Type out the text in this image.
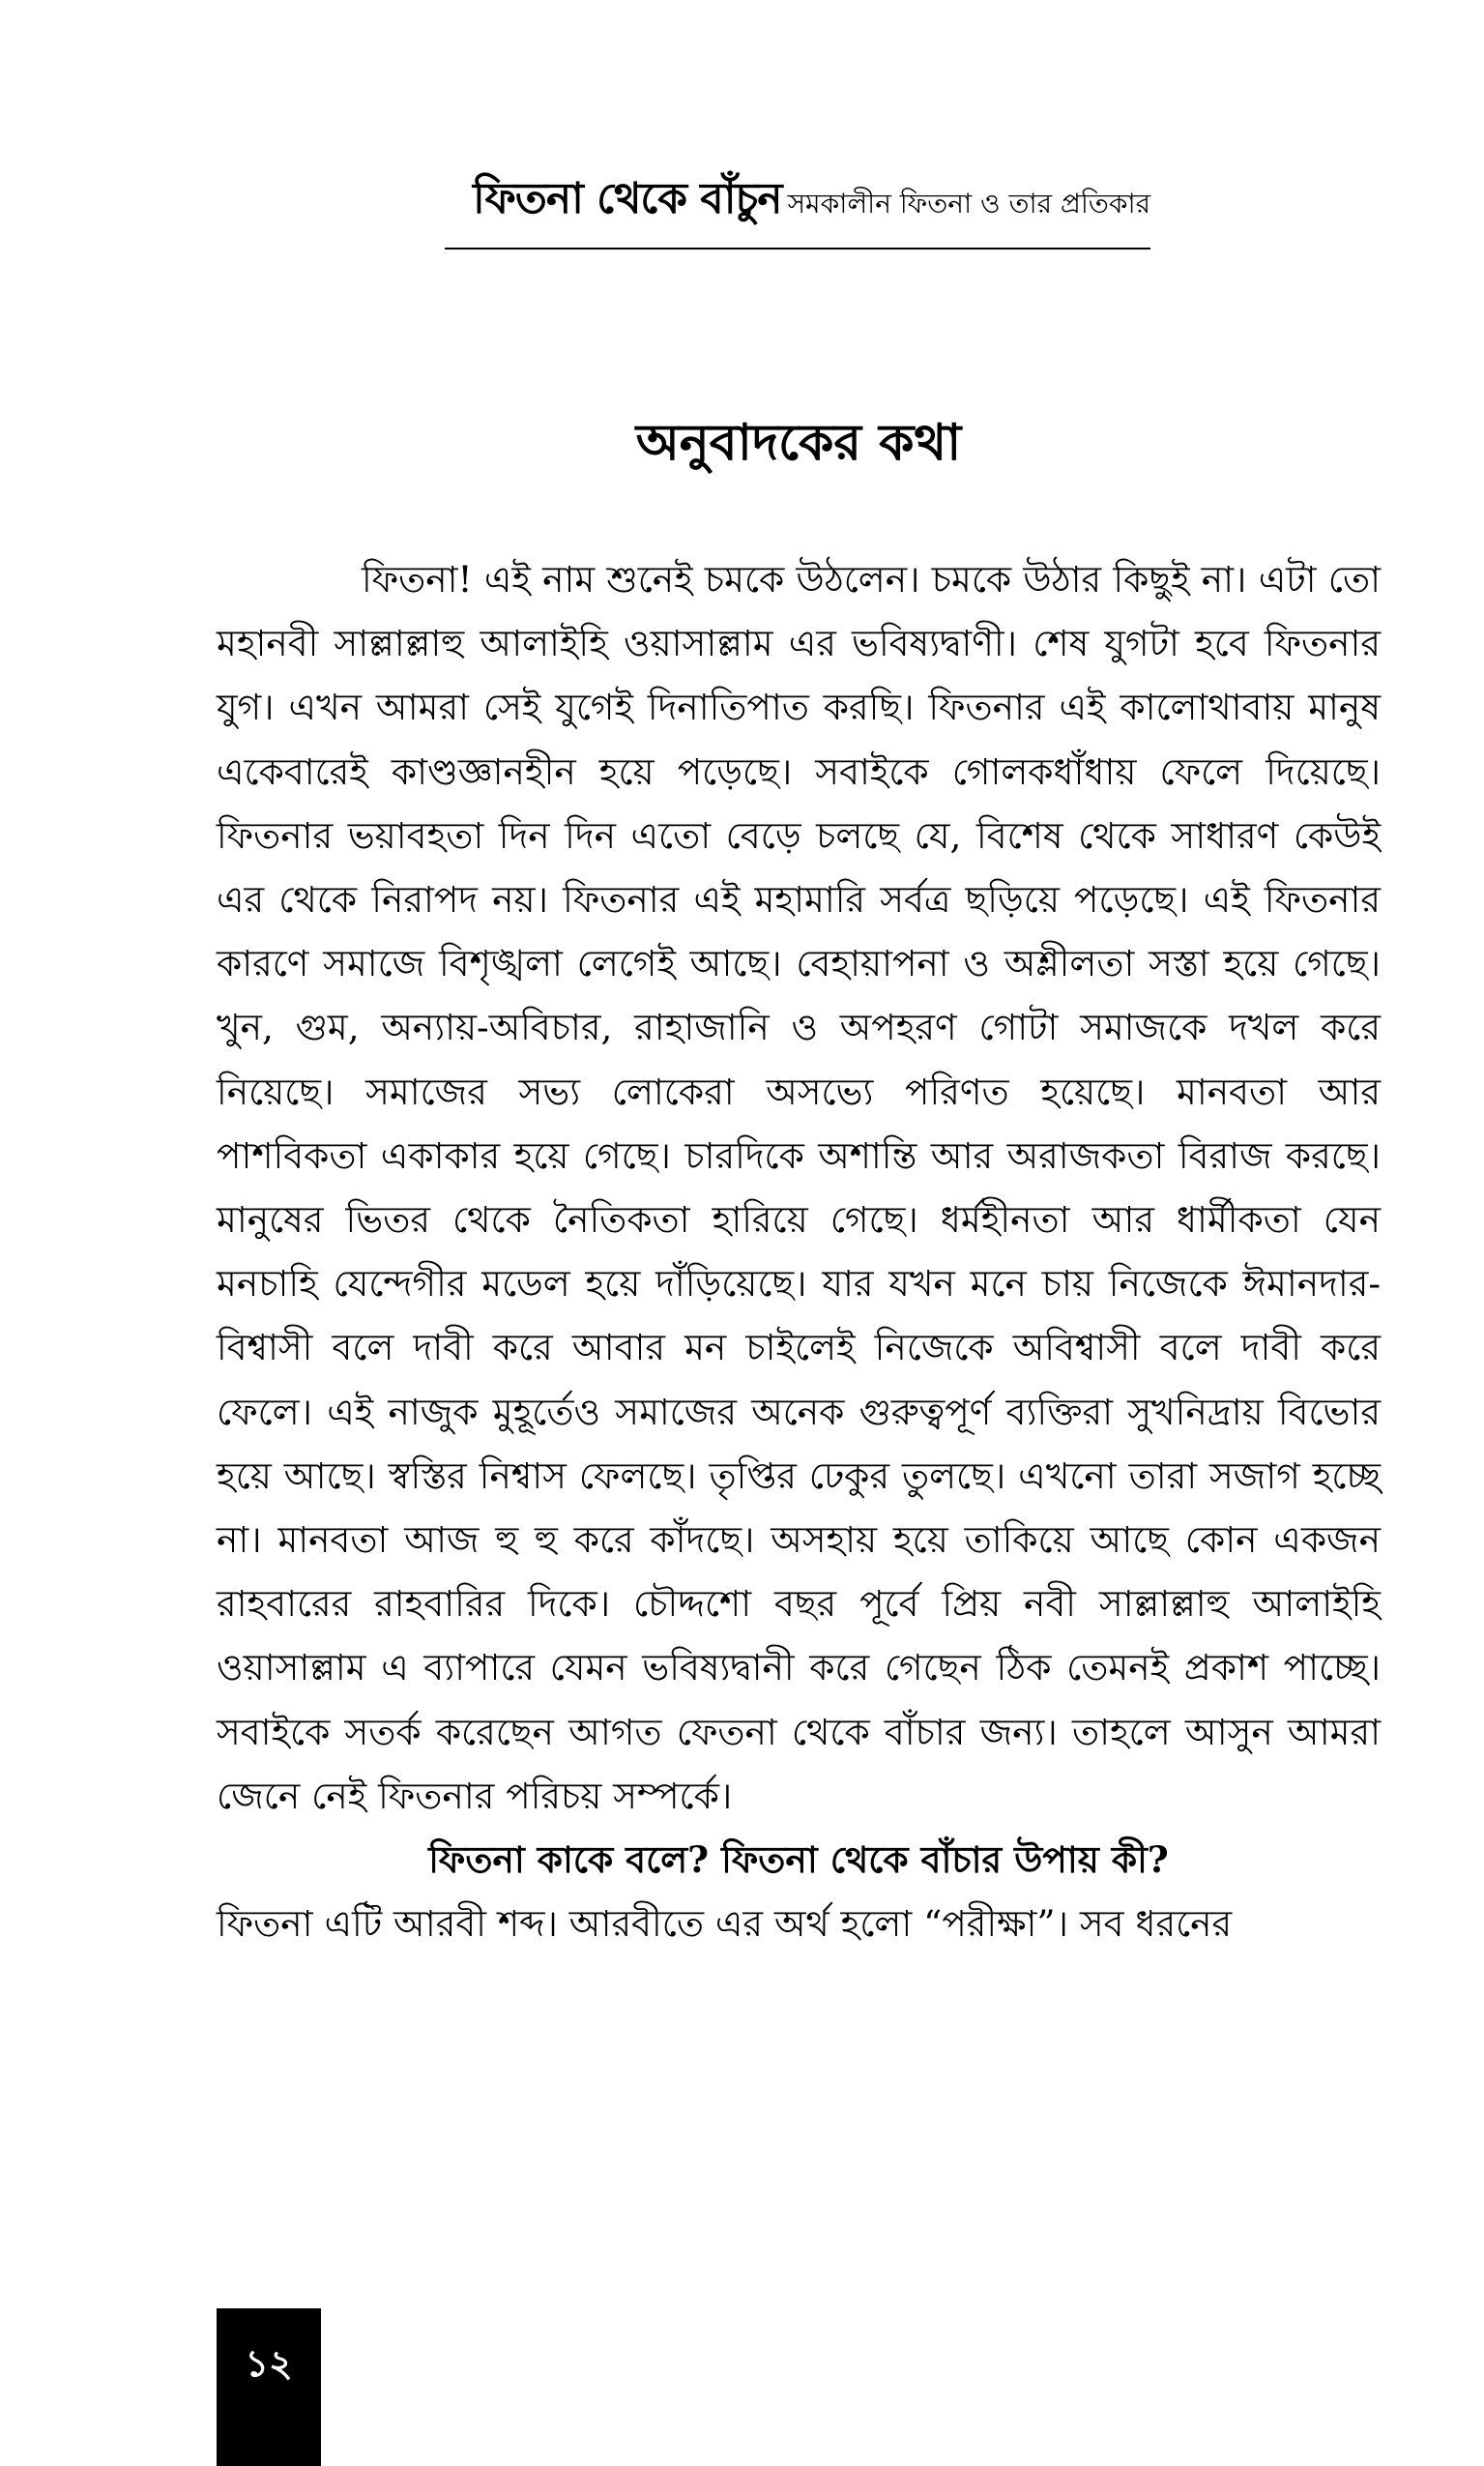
ফিতনা থেকে বাঁচুন সমকালীন ফিতনা ও তার প্রতিকার
অনুবাদকের কথা

ফিতনা! এই নাম শুনেই চমকে উঠলেন। চমকে উঠার কিছুই না। এটা তো মহানবী সাল্লাল্লাহু আলাইহি ওয়াসাল্লাম এর ভবিষ্যদ্বাণী। শেষ যুগটা হবে ফিতনার যুগ। এখন আমরা সেই যুগেই দিনাতিপাত করছি। ফিতনার এই কালোথাবায় মানুষ একেবারেই কাণ্ডজ্ঞানহীন হয়ে পড়েছে। সবাইকে গোলকধাঁধায় ফেলে দিয়েছে। ফিতনার ভয়াবহতা দিন দিন এতো বেড়ে চলছে যে, বিশেষ থেকে সাধারণ কেউই এর থেকে নিরাপদ নয়। ফিতনার এই মহামারি সর্বত্র ছড়িয়ে পড়েছে। এই ফিতনার কারণে সমাজে বিশৃঙ্খলা লেগেই আছে। বেহায়াপনা ও অশ্লীলতা সস্তা হয়ে গেছে। খুন, গুম, অন্যায়-অবিচার, রাহাজানি ও অপহরণ গোটা সমাজকে দখল করে নিয়েছে। সমাজের সভ্য লোকেরা অসভ্যে পরিণত হয়েছে। মানবতা আর পাশবিকতা একাকার হয়ে গেছে। চারদিকে অশান্তি আর অরাজকতা বিরাজ করছে। মানুষের ভিতর থেকে নৈতিকতা হারিয়ে গেছে। ধর্মহীনতা আর ধার্মীকতা যেন মনচাহি যেন্দেগীর মডেল হয়ে দাঁড়িয়েছে। যার যখন মনে চায় নিজেকে ঈমানদার-বিশ্বাসী বলে দাবী করে আবার মন চাইলেই নিজেকে অবিশ্বাসী বলে দাবী করে ফেলে। এই নাজুক মুহূর্তেও সমাজের অনেক গুরুত্বপূর্ণ ব্যক্তিরা সুখনিদ্রায় বিভোর হয়ে আছে। স্বস্তির নিশ্বাস ফেলছে। তৃপ্তির ঢেকুর তুলছে। এখনো তারা সজাগ হচ্ছে না। মানবতা আজ হু হু করে কাঁদছে। অসহায় হয়ে তাকিয়ে আছে কোন একজন রাহবারের রাহবারির দিকে। চৌদ্দশো বছর পূর্বে প্রিয় নবী সাল্লাল্লাহু আলাইহি ওয়াসাল্লাম এ ব্যাপারে যেমন ভবিষ্যদ্বানী করে গেছেন ঠিক তেমনই প্রকাশ পাচ্ছে। সবাইকে সতর্ক করেছেন আগত ফেতনা থেকে বাঁচার জন্য। তাহলে আসুন আমরা জেনে নেই ফিতনার পরিচয় সম্পর্কে।

ফিতনা কাকে বলে? ফিতনা থেকে বাঁচার উপায় কী?

ফিতনা এটি আরবী শব্দ। আরবীতে এর অর্থ হলো “পরীক্ষা”। সব ধরনের

১২
